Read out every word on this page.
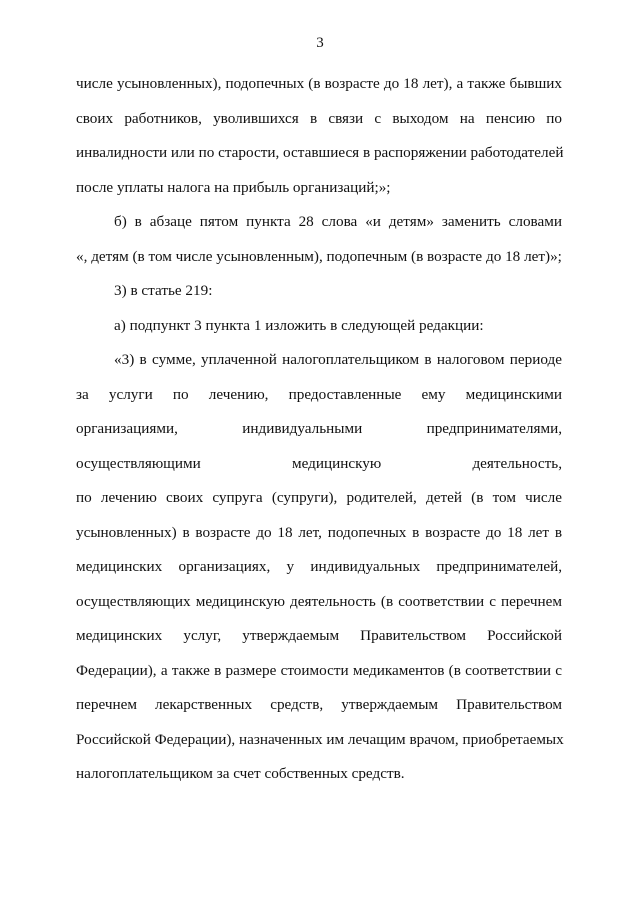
3
числе усыновленных), подопечных (в возрасте до 18 лет), а также бывших
своих работников, уволившихся в связи с выходом на пенсию по
инвалидности или по старости, оставшиеся в распоряжении работодателей
после уплаты налога на прибыль организаций;»;
б) в абзаце пятом пункта 28 слова «и детям» заменить словами
«, детям (в том числе усыновленным), подопечным (в возрасте до 18 лет)»;
3) в статье 219:
а) подпункт 3 пункта 1 изложить в следующей редакции:
«3) в сумме, уплаченной налогоплательщиком в налоговом периоде
за услуги по лечению, предоставленные ему медицинскими
организациями, индивидуальными предпринимателями,
осуществляющими медицинскую деятельность,
по лечению своих супруга (супруги), родителей, детей (в том числе
усыновленных) в возрасте до 18 лет, подопечных в возрасте до 18 лет в
медицинских организациях, у индивидуальных предпринимателей,
осуществляющих медицинскую деятельность (в соответствии с перечнем
медицинских услуг, утверждаемым Правительством Российской
Федерации), а также в размере стоимости медикаментов (в соответствии с
перечнем лекарственных средств, утверждаемым Правительством
Российской Федерации), назначенных им лечащим врачом, приобретаемых
налогоплательщиком за счет собственных средств.
